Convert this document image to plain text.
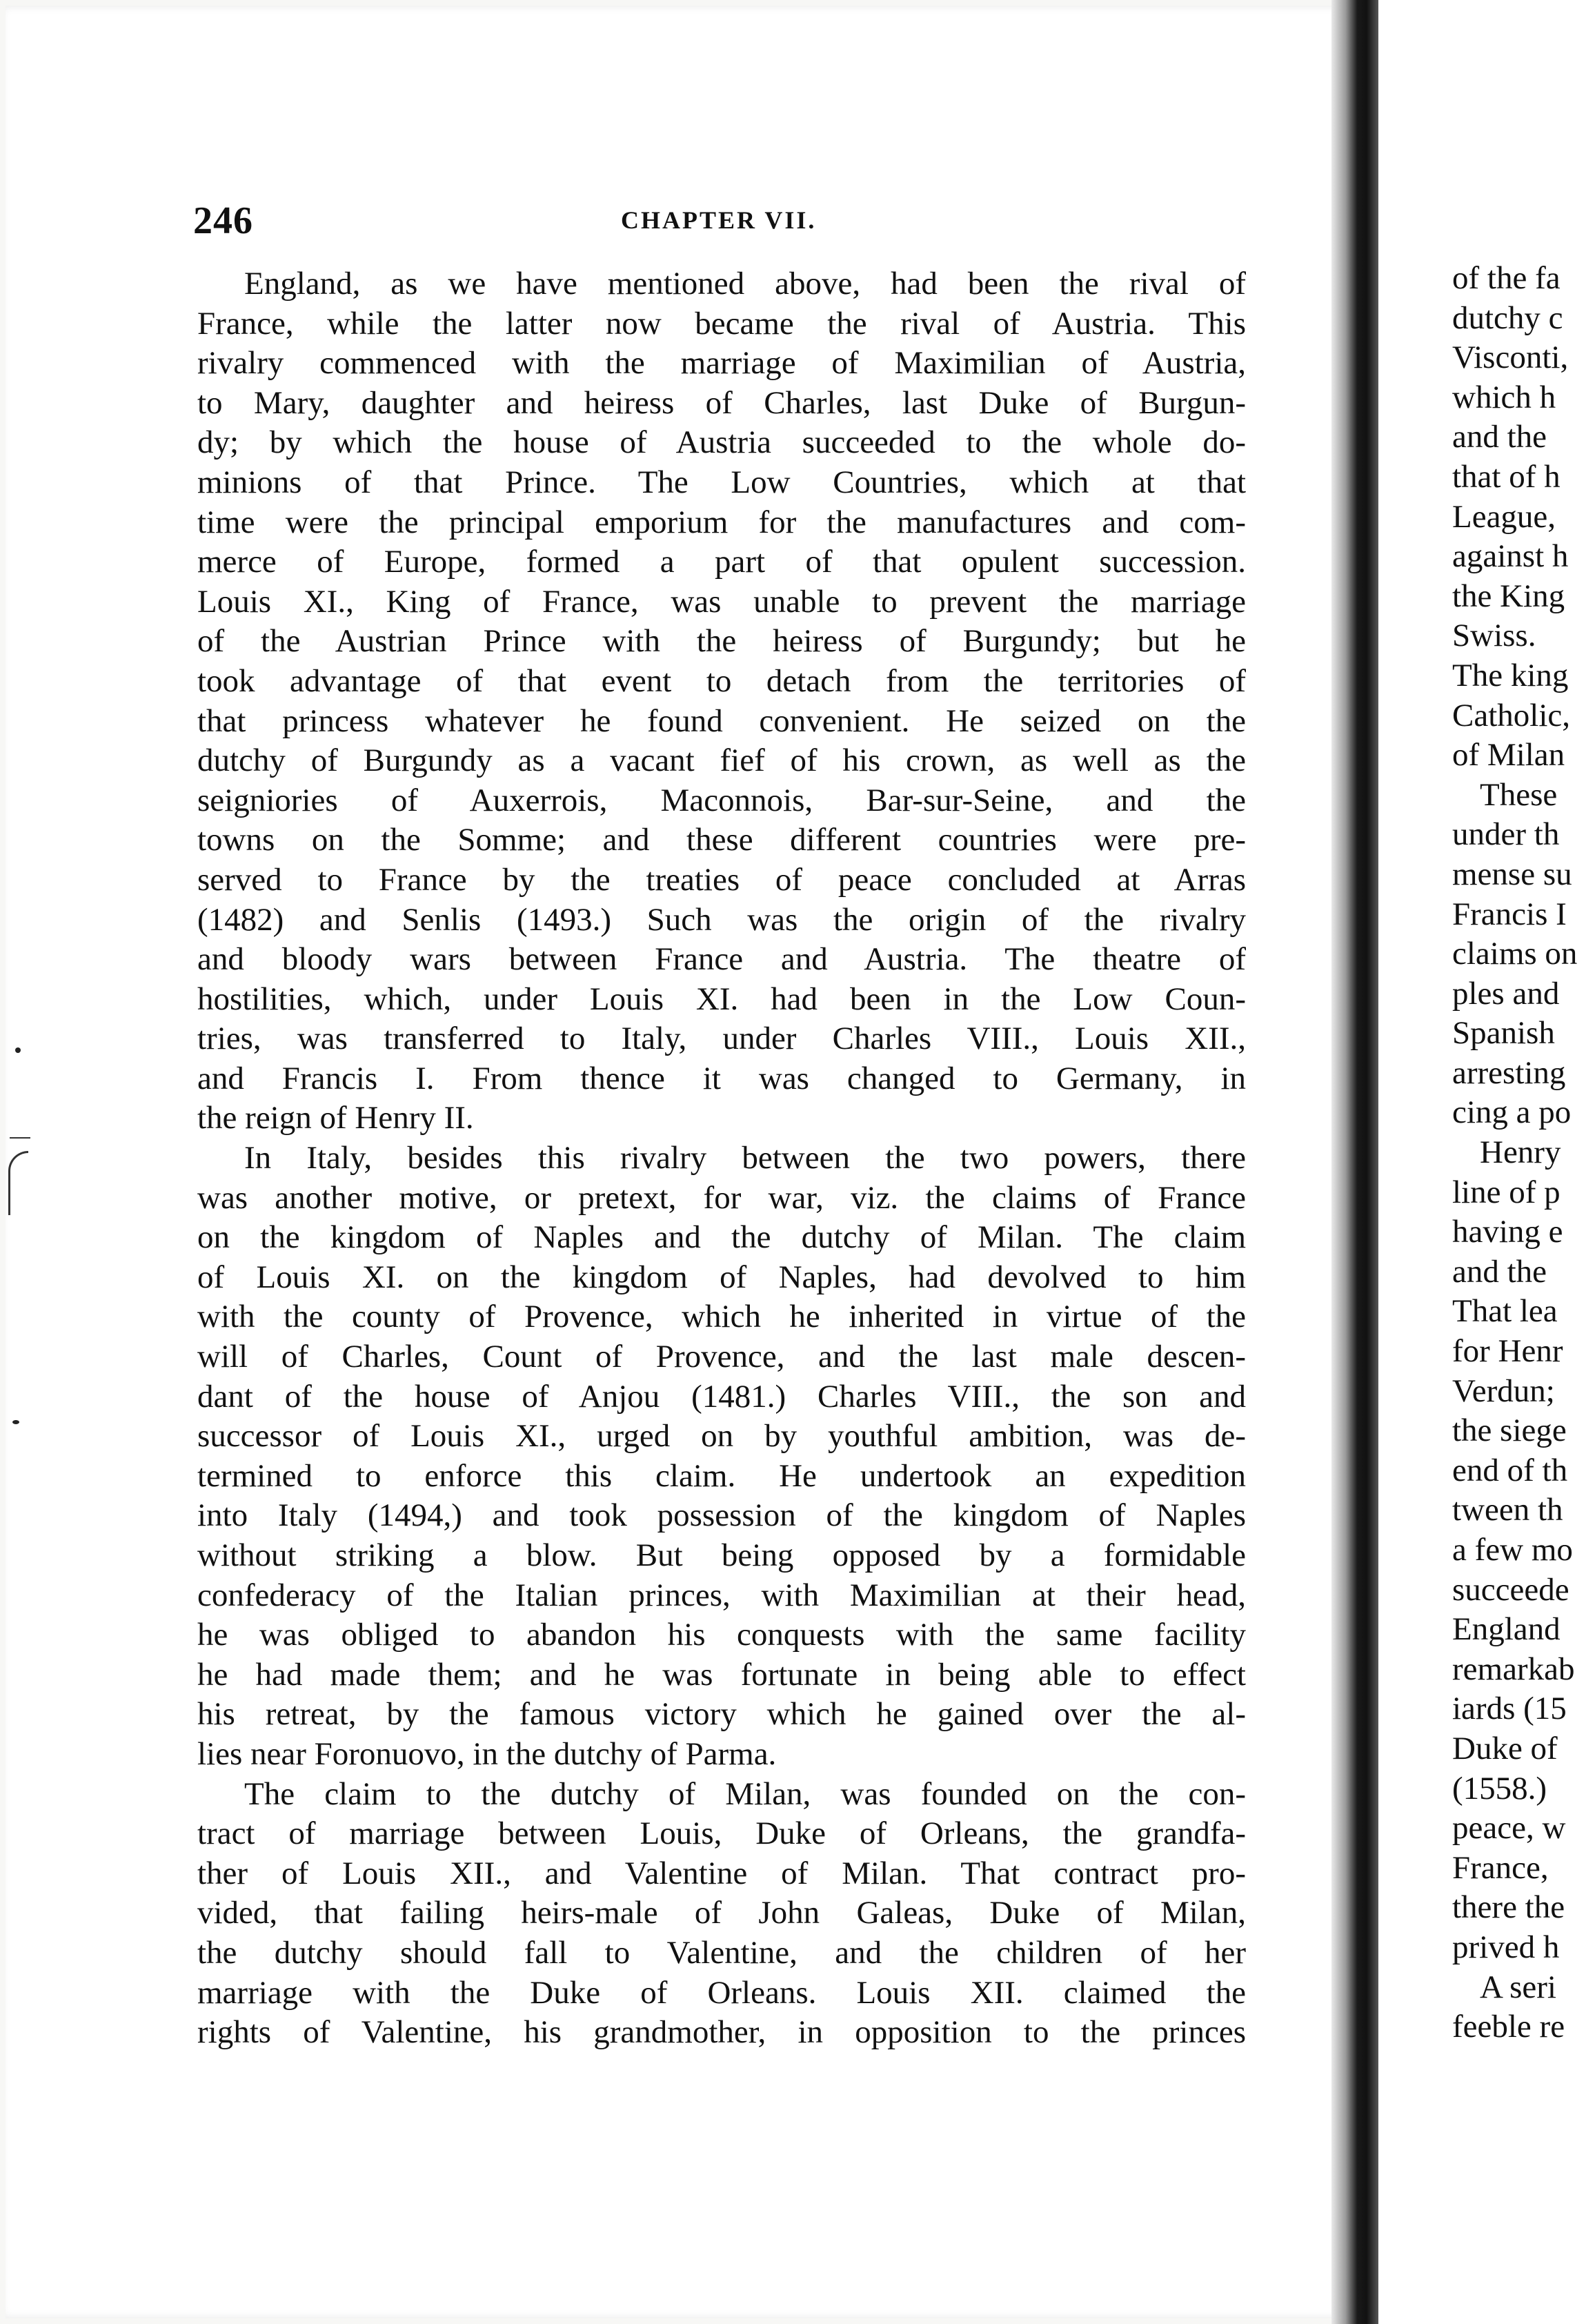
246	CHAPTER VII.
England, as we have mentioned above, had been the rival of
France, while the latter now became the rival of Austria. This
rivalry commenced with the marriage of Maximilian of Austria,
to Mary, daughter and heiress of Charles, last Duke of Burgun-
dy; by which the house of Austria succeeded to the whole do-
minions of that Prince. The Low Countries, which at that
time were the principal emporium for the manufactures and com-
merce of Europe, formed a part of that opulent succession.
Louis XI., King of France, was unable to prevent the marriage
of the Austrian Prince with the heiress of Burgundy; but he
took advantage of that event to detach from the territories of
that princess whatever he found convenient. He seized on the
dutchy of Burgundy as a vacant fief of his crown, as well as the
seigniories of Auxerrois, Maconnois, Bar-sur-Seine, and the
towns on the Somme; and these different countries were pre-
served to France by the treaties of peace concluded at Arras
(1482) and Senlis (1493.) Such was the origin of the rivalry
and bloody wars between France and Austria. The theatre of
hostilities, which, under Louis XI. had been in the Low Coun-
tries, was transferred to Italy, under Charles VIII., Louis XII.,
and Francis I. From thence it was changed to Germany, in
the reign of Henry II.
In Italy, besides this rivalry between the two powers, there
was another motive, or pretext, for war, viz. the claims of France
on the kingdom of Naples and the dutchy of Milan. The claim
of Louis XI. on the kingdom of Naples, had devolved to him
with the county of Provence, which he inherited in virtue of the
will of Charles, Count of Provence, and the last male descen-
dant of the house of Anjou (1481.) Charles VIII., the son and
successor of Louis XI., urged on by youthful ambition, was de-
termined to enforce this claim. He undertook an expedition
into Italy (1494,) and took possession of the kingdom of Naples
without striking a blow. But being opposed by a formidable
confederacy of the Italian princes, with Maximilian at their head,
he was obliged to abandon his conquests with the same facility
he had made them; and he was fortunate in being able to effect
his retreat, by the famous victory which he gained over the al-
lies near Foronuovo, in the dutchy of Parma.
The claim to the dutchy of Milan, was founded on the con-
tract of marriage between Louis, Duke of Orleans, the grandfa-
ther of Louis XII., and Valentine of Milan. That contract pro-
vided, that failing heirs-male of John Galeas, Duke of Milan,
the dutchy should fall to Valentine, and the children of her
marriage with the Duke of Orleans. Louis XII. claimed the
rights of Valentine, his grandmother, in opposition to the princes
of the fa
dutchy c
Visconti,
which h
and the
that of h
League,
against h
the King
Swiss.
The king
Catholic,
of Milan
These
under th
mense su
Francis I
claims on
ples and
Spanish
arresting
cing a po
Henry
line of p
having e
and the
That lea
for Henr
Verdun;
the siege
end of th
tween th
a few mo
succeede
England
remarkab
iards (15
Duke of
(1558.)
peace, w
France,
there the
prived h
A seri
feeble re
